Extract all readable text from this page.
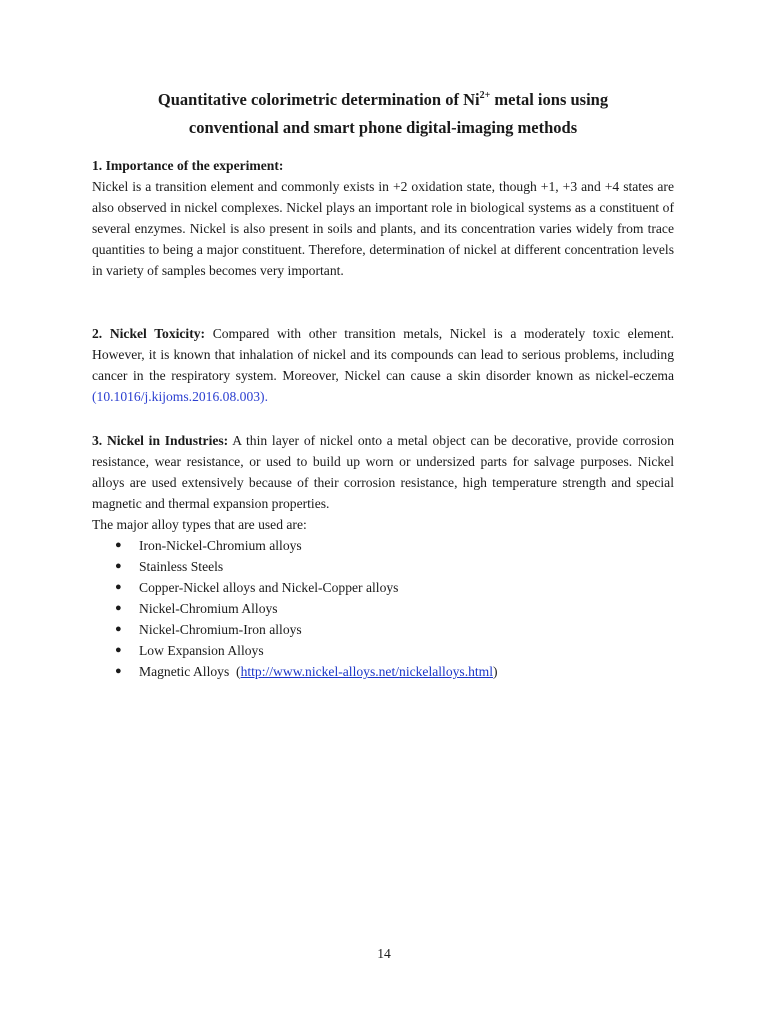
Quantitative colorimetric determination of $Ni^{2+}$ metal ions using
conventional and smart phone digital-imaging methods

1. Importance of the experiment:
Nickel is a transition element and commonly exists in +2 oxidation state, though +1, +3 and +4 states are also observed in nickel complexes. Nickel plays an important role in biological systems as a constituent of several enzymes. Nickel is also present in soils and plants, and its concentration varies widely from trace quantities to being a major constituent. Therefore, determination of nickel at different concentration levels in variety of samples becomes very important.

2. Nickel Toxicity: Compared with other transition metals, Nickel is a moderately toxic element. However, it is known that inhalation of nickel and its compounds can lead to serious problems, including cancer in the respiratory system. Moreover, Nickel can cause a skin disorder known as nickel-eczema (10.1016/j.kijoms.2016.08.003).

3. Nickel in Industries: A thin layer of nickel onto a metal object can be decorative, provide corrosion resistance, wear resistance, or used to build up worn or undersized parts for salvage purposes. Nickel alloys are used extensively because of their corrosion resistance, high temperature strength and special magnetic and thermal expansion properties.

The major alloy types that are used are:

● Iron-Nickel-Chromium alloys
● Stainless Steels
● Copper-Nickel alloys and Nickel-Copper alloys
● Nickel-Chromium Alloys
● Nickel-Chromium-Iron alloys
● Low Expansion Alloys
● Magnetic Alloys  (http://www.nickel-alloys.net/nickelalloys.html)
14
